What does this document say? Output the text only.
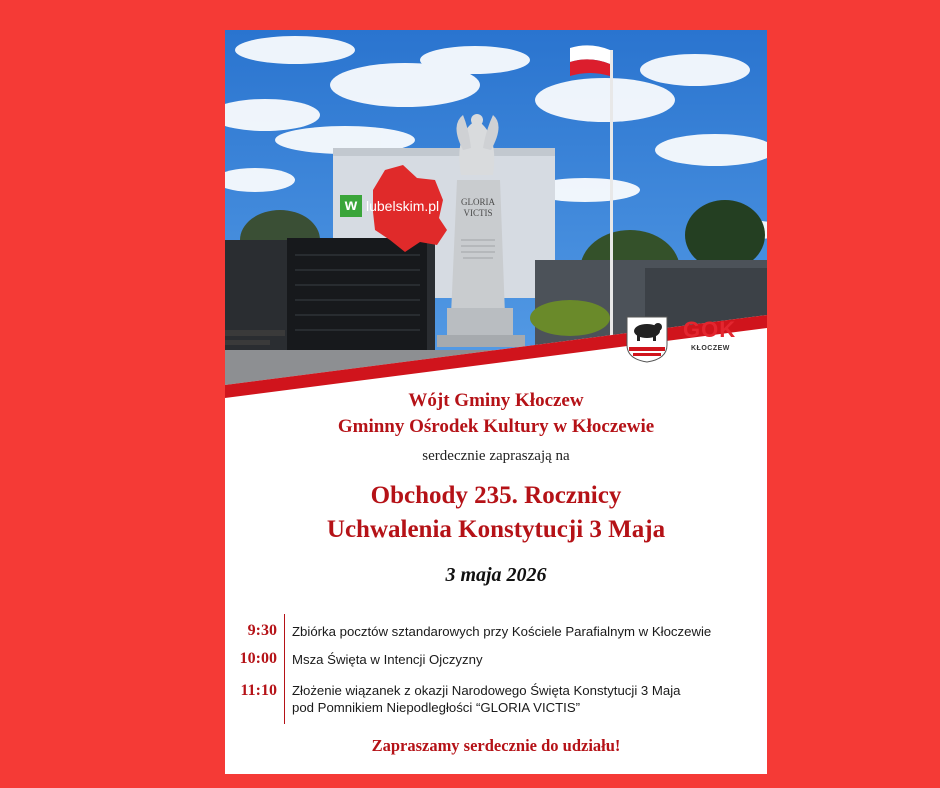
GLORIA
VICTIS
w lubelskim.pl
GOK
KŁOCZEW
Wójt Gminy Kłoczew
Gminny Ośrodek Kultury w Kłoczewie
serdecznie zapraszają na
Obchody 235. Rocznicy
Uchwalenia Konstytucji 3 Maja
3 maja 2026
9:30 Zbiórka pocztów sztandarowych przy Kościele Parafialnym w Kłoczewie
10:00 Msza Święta w Intencji Ojczyzny
11:10 Złożenie wiązanek z okazji Narodowego Święta Konstytucji 3 Maja
pod Pomnikiem Niepodległości “GLORIA VICTIS”
Zapraszamy serdecznie do udziału!
